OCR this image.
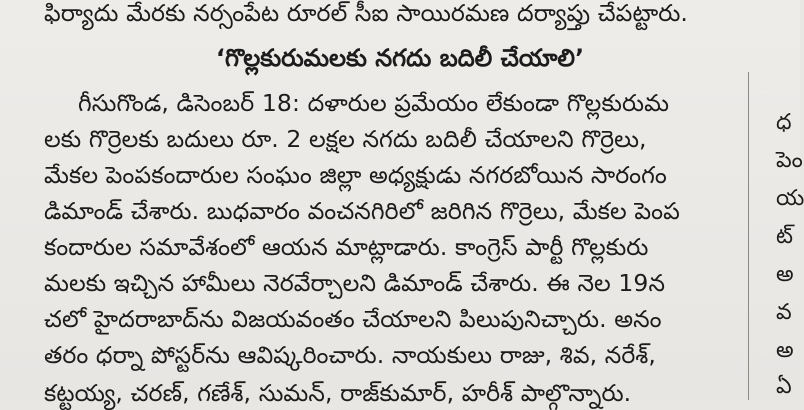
ఫిర్యాదు మేరకు నర్సంపేట రూరల్ సీఐ సాయిరమణ దర్యాప్తు చేపట్టారు.
‘గొల్లకురుమలకు నగదు బదిలీ చేయాలి’
గీసుగొండ, డిసెంబర్ 18: దళారుల ప్రమేయం లేకుండా గొల్లకురుమ
లకు గొర్రెలకు బదులు రూ. 2 లక్షల నగదు బదిలీ చేయాలని గొర్రెలు,
మేకల పెంపకందారుల సంఘం జిల్లా అధ్యక్షుడు నగరబోయిన సారంగం
డిమాండ్ చేశారు. బుధవారం వంచనగిరిలో జరిగిన గొర్రెలు, మేకల పెంప
కందారుల సమావేశంలో ఆయన మాట్లాడారు. కాంగ్రెస్ పార్టీ గొల్లకురు
మలకు ఇచ్చిన హామీలు నెరవేర్చాలని డిమాండ్ చేశారు. ఈ నెల 19న
చలో హైదరాబాద్‌ను విజయవంతం చేయాలని పిలుపునిచ్చారు. అనం
తరం ధర్నా పోస్టర్‌ను ఆవిష్కరించారు. నాయకులు రాజు, శివ, నరేశ్,
కట్టయ్య, చరణ్, గణేశ్, సుమన్, రాజ్‌కుమార్, హరీశ్ పాల్గొన్నారు.
ధ
పెం
య
ట్
అ
వ
అ
ఏ
